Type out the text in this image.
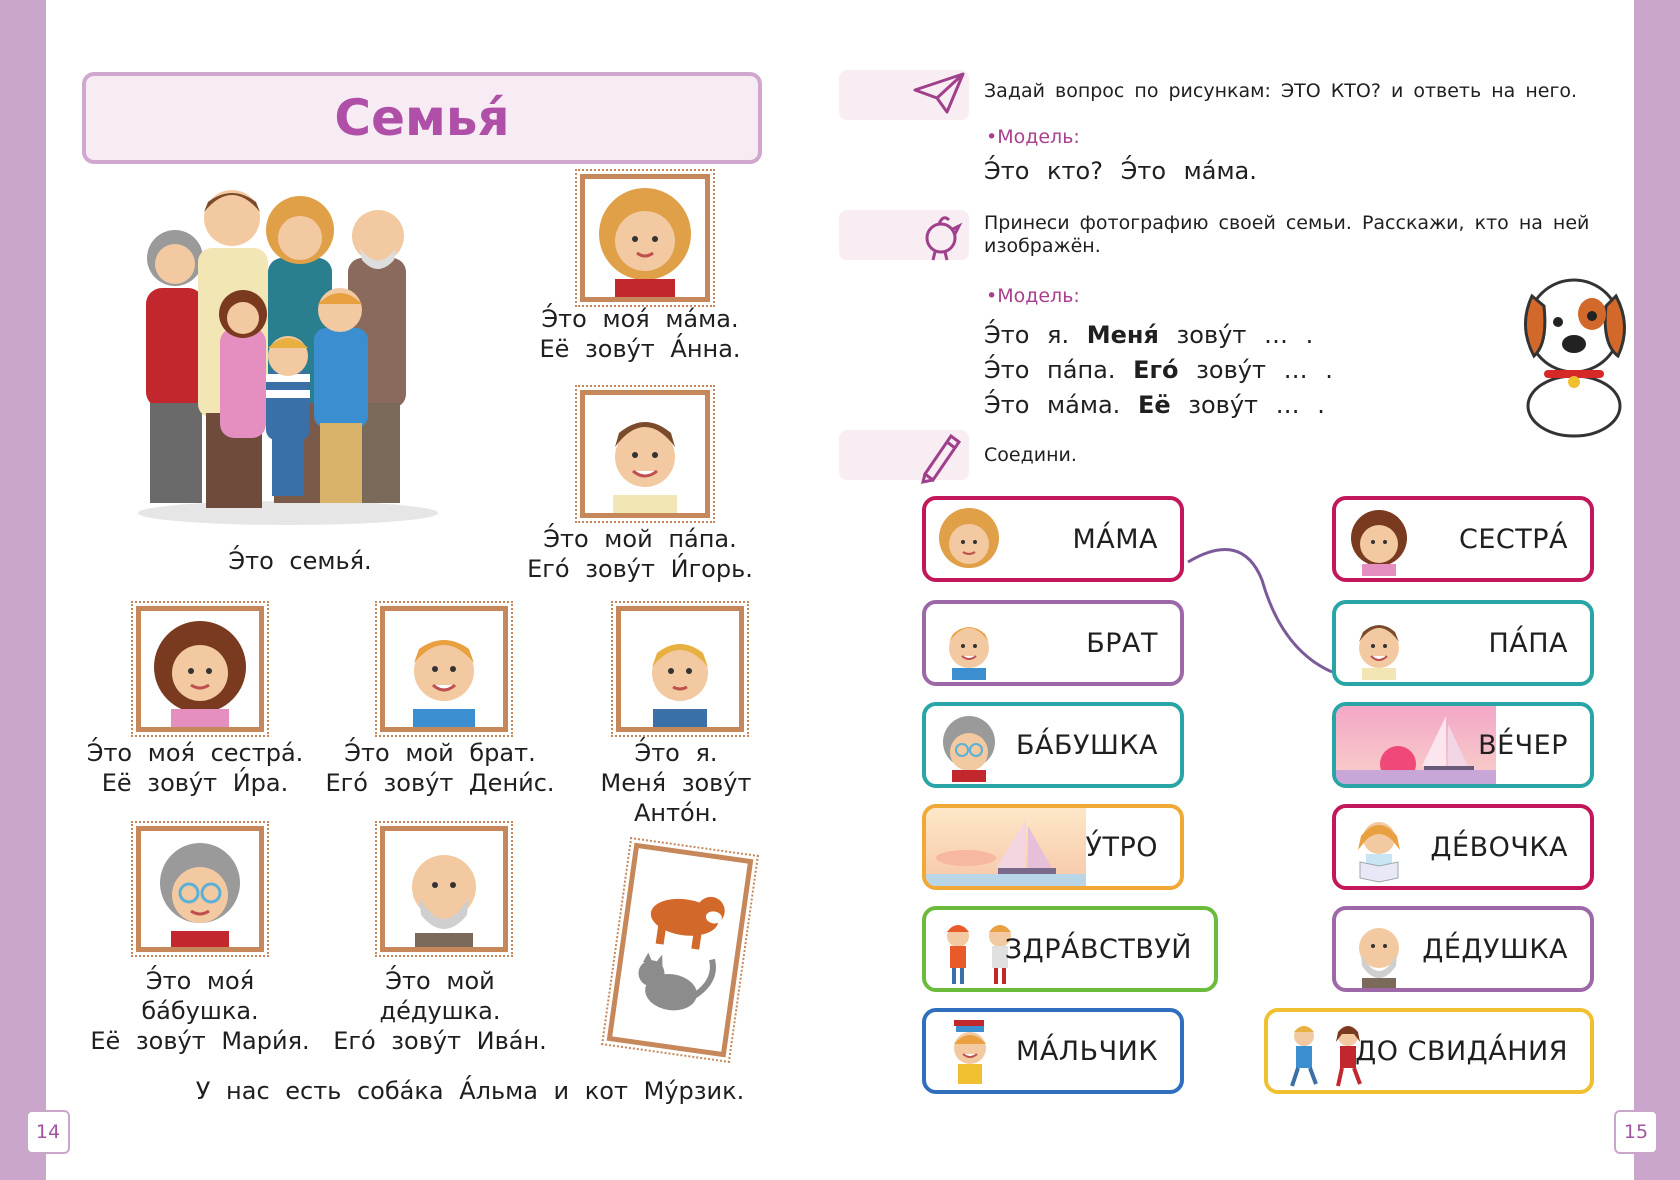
Семья́
Э́то семья́.
Э́то моя́ ма́ма.
Её зову́т А́нна.
Э́то мой па́па.
Его́ зову́т И́горь.
Э́то моя́ сестра́.
Её зову́т И́ра.
Э́то мой брат.
Его́ зову́т Дени́с.
Э́то я.
Меня́ зову́т
Анто́н.
Э́то моя́
ба́бушка.
Её зову́т Мари́я.
Э́то мой
де́душка.
Его́ зову́т Ива́н.
У нас есть соба́ка А́льма и кот Му́рзик.
14
Задай вопрос по рисункам: ЭТО КТО? и ответь на него.
•Модель:
Э́то кто? Э́то ма́ма.
Принеси фотографию своей семьи. Расскажи, кто на ней изображён.
•Модель:
Э́то я. Меня́ зову́т … .
Э́то па́па. Его́ зову́т … .
Э́то ма́ма. Её зову́т … .
Соедини.
МА́МА
БРАТ
БА́БУШКА
У́ТРО
ЗДРА́ВСТВУЙ
МА́ЛЬЧИК
СЕСТРА́
ПА́ПА
ВЕ́ЧЕР
ДЕ́ВОЧКА
ДЕ́ДУШКА
ДО СВИДА́НИЯ
15
